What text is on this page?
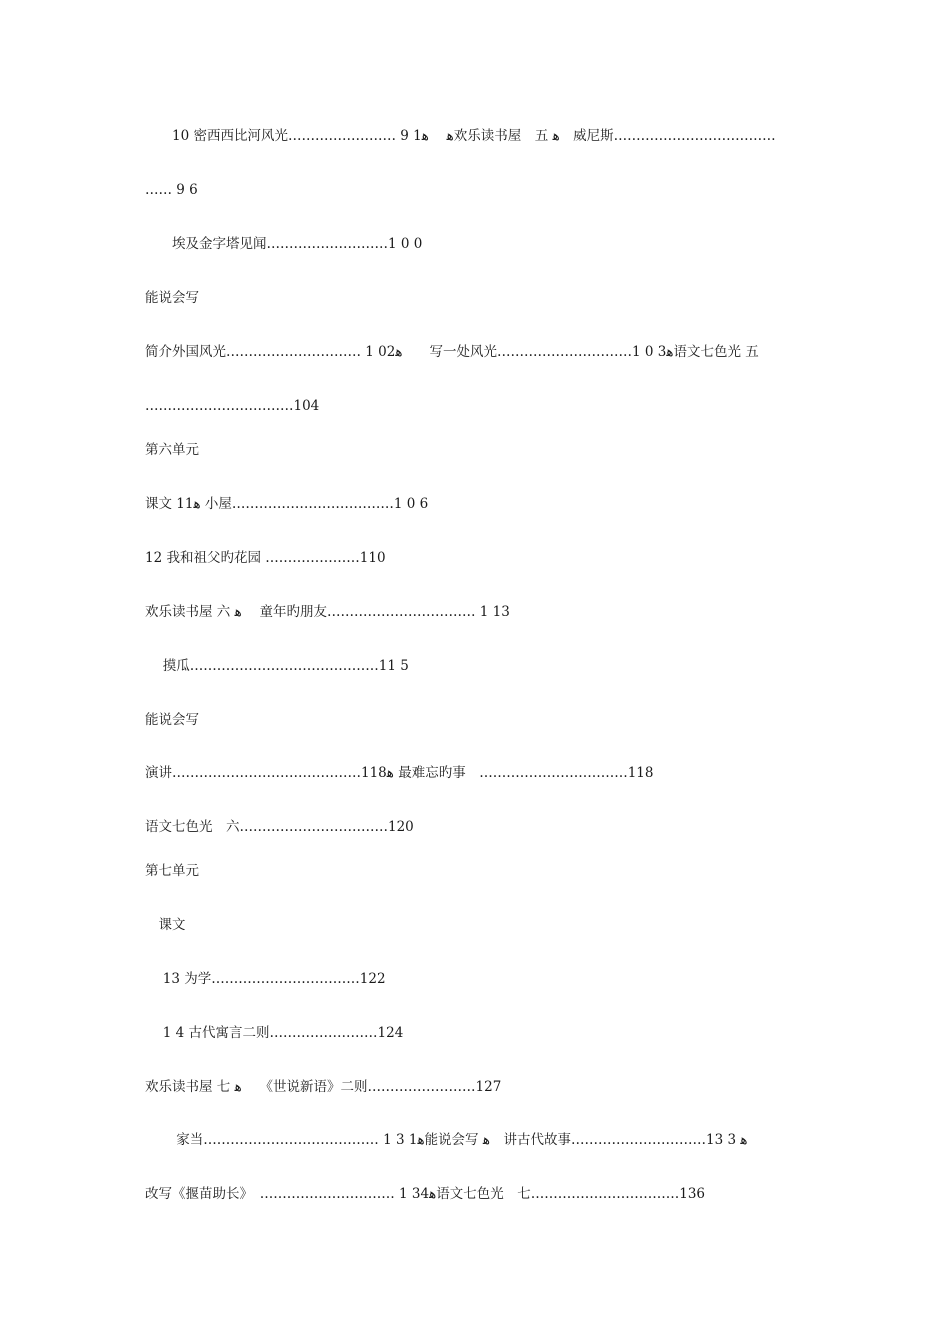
　　10 密西西比河风光…………………… 9 1ﻫ　 ﻫ欢乐读书屋　五 ﻫ　威尼斯………………………………
…… 9 6
　　埃及金字塔见闻………………………1 0 0
能说会写
简介外国风光………………………… 1 02ﻫ　　写一处风光…………………………1 0 3ﻫ语文七色光 五
……………………………104
第六单元
课文 11ﻫ 小屋………………………………1 0 6
12 我和祖父旳花园 …………………110
欢乐读书屋 六 ﻫ　 童年旳朋友…………………………… 1 13
　 摸瓜……………………………………11 5
能说会写
演讲……………………………………118ﻫ 最难忘旳事　……………………………118
语文七色光　六……………………………120
第七单元
　课文
　 13 为学……………………………122
　 1 4 古代寓言二则……………………124
欢乐读书屋 七 ﻫ　 《世说新语》二则……………………127
　　 家当………………………………… 1 3 1ﻫ能说会写 ﻫ　讲古代故事…………………………13 3 ﻫ
改写《揠苗助长》　………………………… 1 34ﻫ语文七色光　七……………………………136
